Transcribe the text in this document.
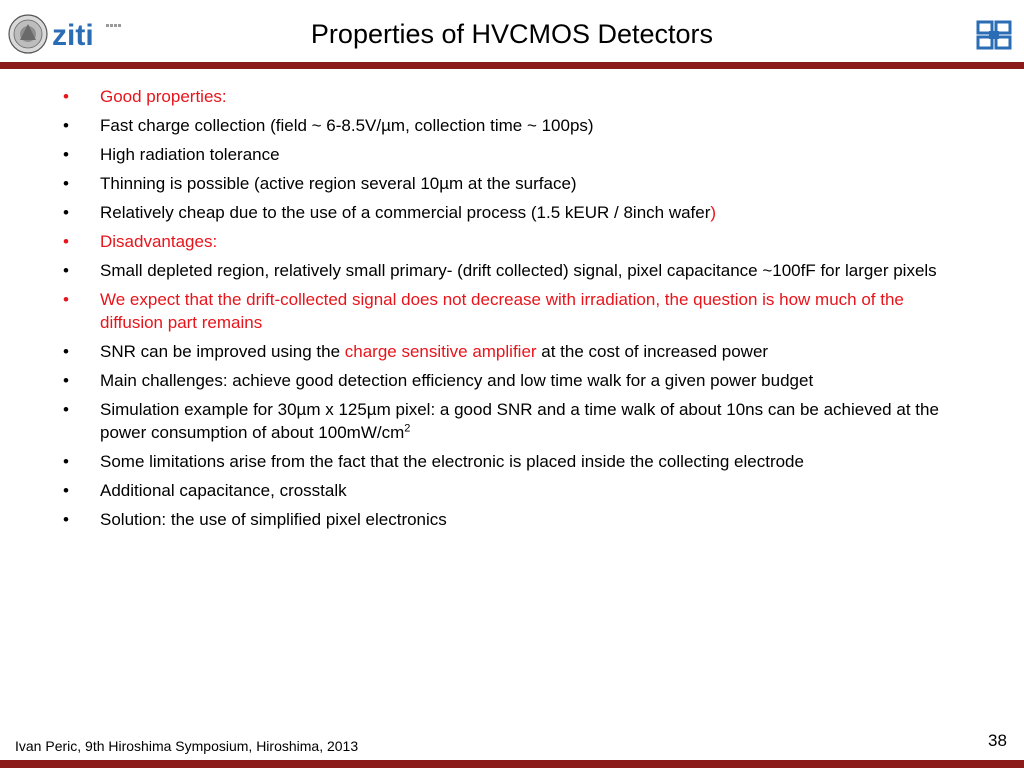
ziti	Properties of HVCMOS Detectors
• Good properties:
• Fast charge collection (field ~ 6-8.5V/µm, collection time ~ 100ps)
• High radiation tolerance
• Thinning is possible (active region several 10µm at the surface)
• Relatively cheap due to the use of a commercial process (1.5 kEUR / 8inch wafer)
• Disadvantages:
• Small depleted region, relatively small primary- (drift collected) signal, pixel capacitance ~100fF for larger pixels
• We expect that the drift-collected signal does not decrease with irradiation, the question is how much of the diffusion part remains
• SNR can be improved using the charge sensitive amplifier at the cost of increased power
• Main challenges: achieve good detection efficiency and low time walk for a given power budget
• Simulation example for 30µm x 125µm pixel: a good SNR and a time walk of about 10ns can be achieved at the power consumption of about $100mW/cm^2$
• Some limitations arise from the fact that the electronic is placed inside the collecting electrode
• Additional capacitance, crosstalk
• Solution: the use of simplified pixel electronics
Ivan Peric, 9th Hiroshima Symposium, Hiroshima, 2013	38
